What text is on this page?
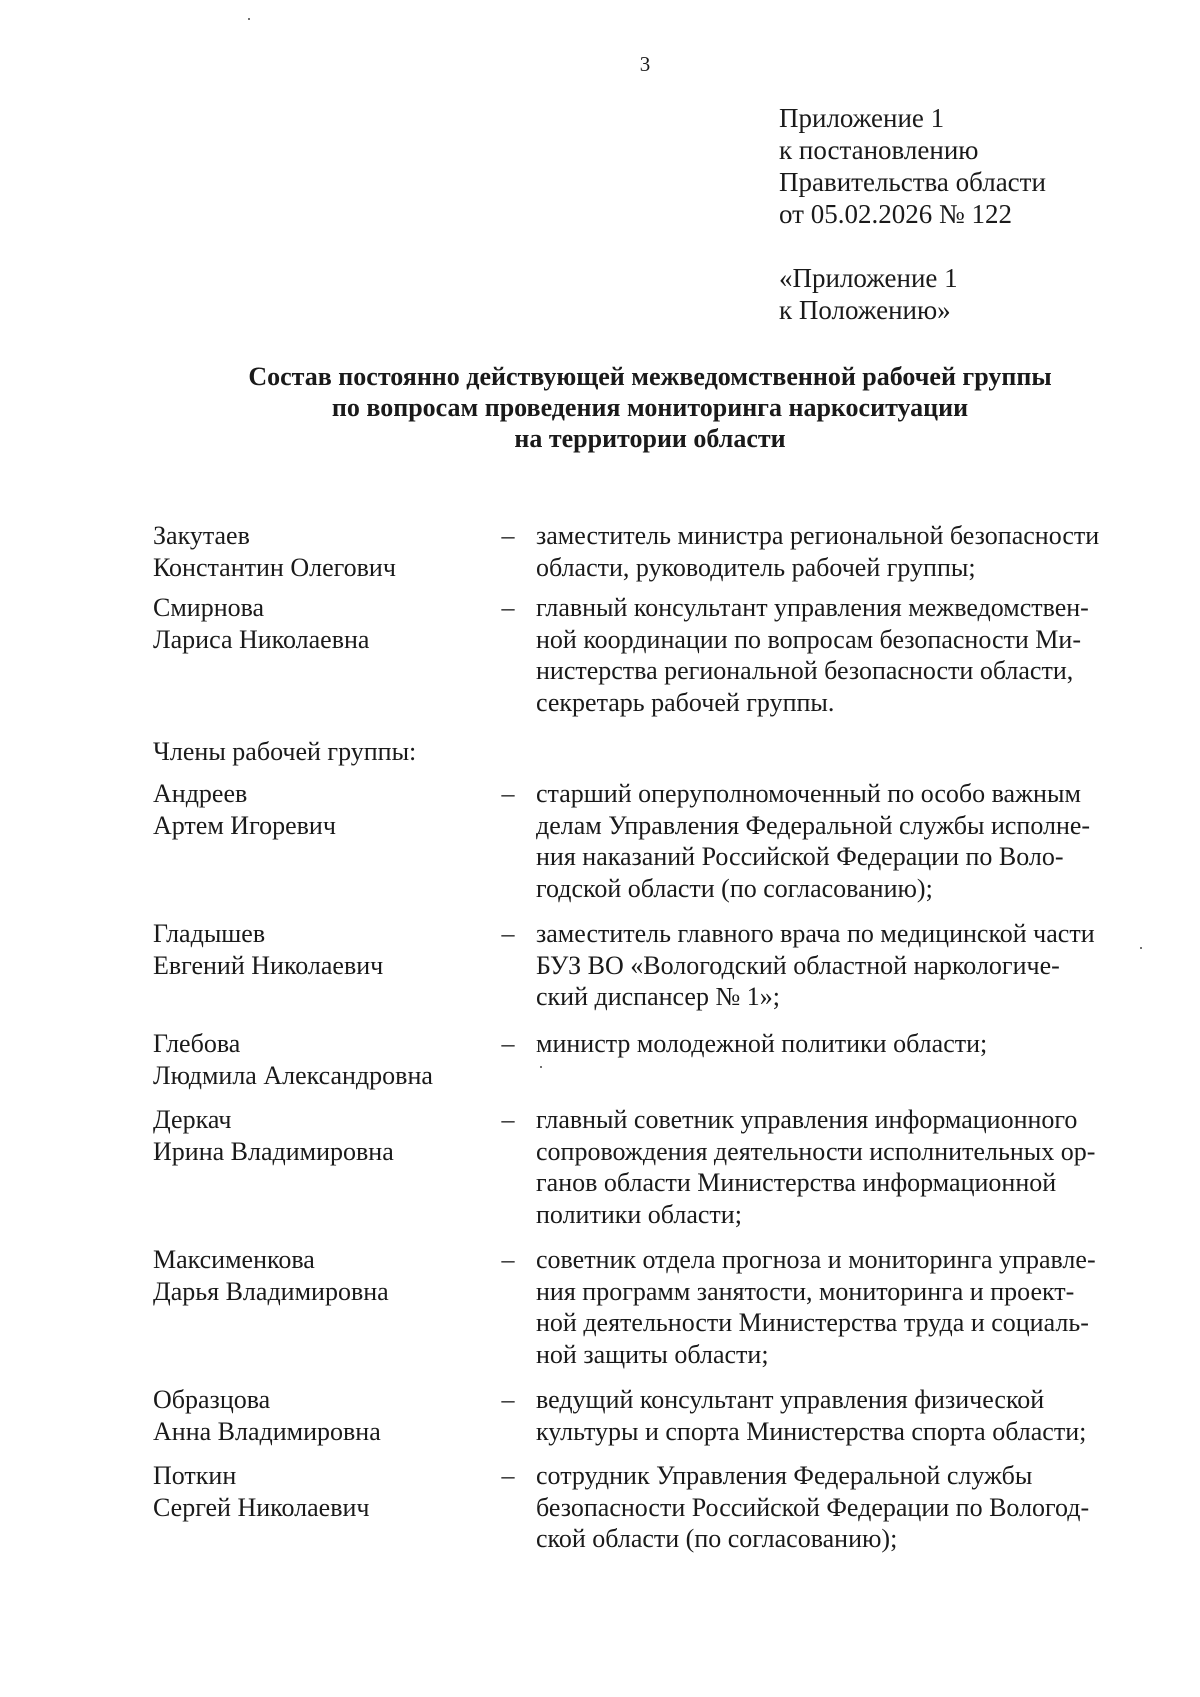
3
Приложение 1
к постановлению
Правительства области
от 05.02.2026 № 122
«Приложение 1
к Положению»
Состав постоянно действующей межведомственной рабочей группы
по вопросам проведения мониторинга наркоситуации
на территории области
Закутаев
Константин Олегович
– заместитель министра региональной безопасности
области, руководитель рабочей группы;
Смирнова
Лариса Николаевна
– главный консультант управления межведомствен-
ной координации по вопросам безопасности Ми-
нистерства региональной безопасности области,
секретарь рабочей группы.
Члены рабочей группы:
Андреев
Артем Игоревич
– старший оперуполномоченный по особо важным
делам Управления Федеральной службы исполне-
ния наказаний Российской Федерации по Воло-
годской области (по согласованию);
Гладышев
Евгений Николаевич
– заместитель главного врача по медицинской части
БУЗ ВО «Вологодский областной наркологиче-
ский диспансер № 1»;
Глебова
Людмила Александровна
– министр молодежной политики области;
Деркач
Ирина Владимировна
– главный советник управления информационного
сопровождения деятельности исполнительных ор-
ганов области Министерства информационной
политики области;
Максименкова
Дарья Владимировна
– советник отдела прогноза и мониторинга управле-
ния программ занятости, мониторинга и проект-
ной деятельности Министерства труда и социаль-
ной защиты области;
Образцова
Анна Владимировна
– ведущий консультант управления физической
культуры и спорта Министерства спорта области;
Поткин
Сергей Николаевич
– сотрудник Управления Федеральной службы
безопасности Российской Федерации по Вологод-
ской области (по согласованию);
